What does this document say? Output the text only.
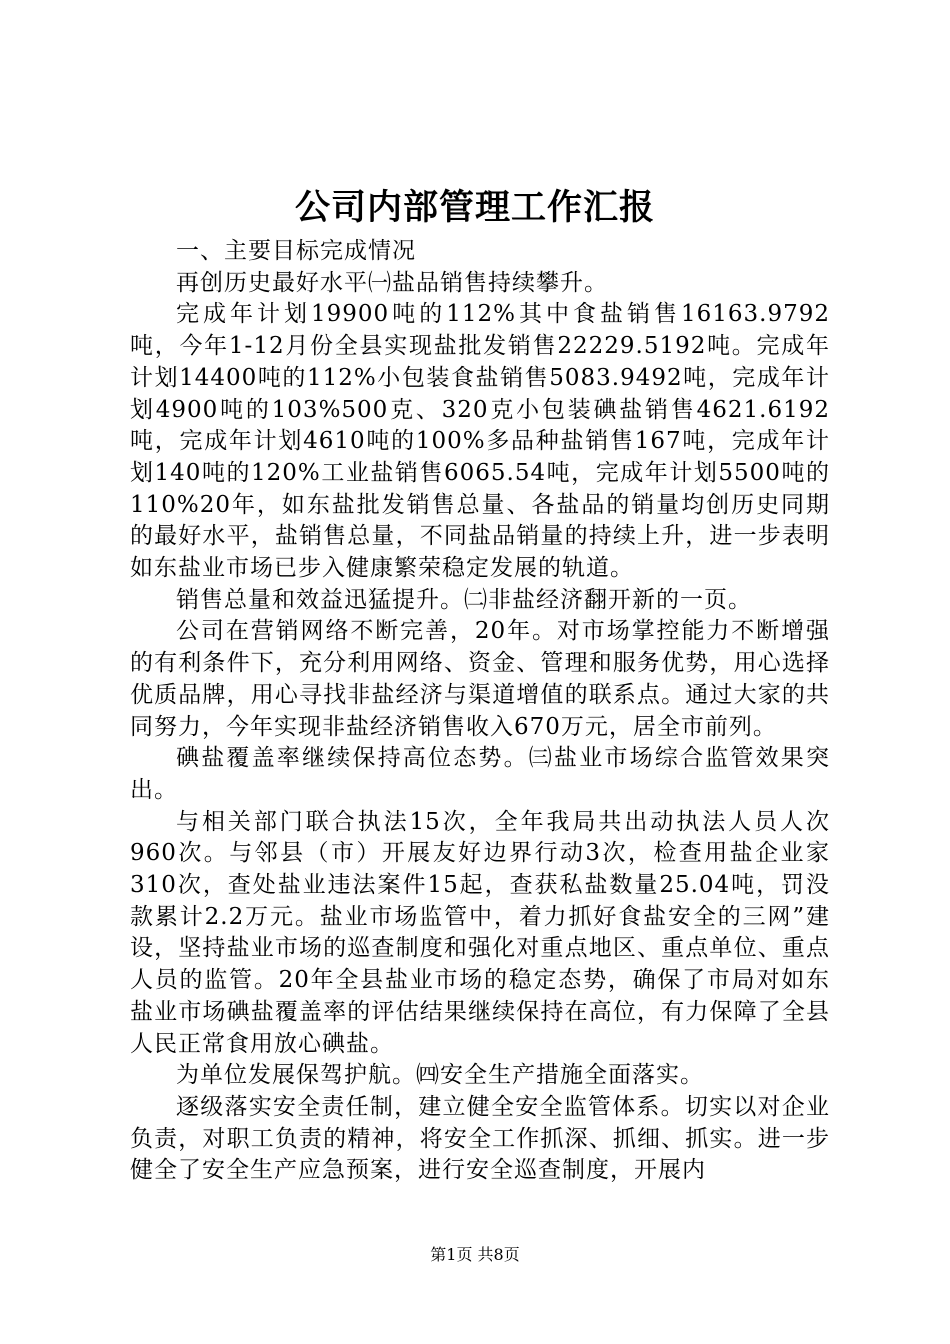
公司内部管理工作汇报

一、主要目标完成情况

再创历史最好水平㈠盐品销售持续攀升。

完成年计划19900吨的112%其中食盐销售16163.9792吨，今年1-12月份全县实现盐批发销售22229.5192吨。完成年计划14400吨的112%小包装食盐销售5083.9492吨，完成年计划4900吨的103%500克、320克小包装碘盐销售4621.6192吨，完成年计划4610吨的100%多品种盐销售167吨，完成年计划140吨的120%工业盐销售6065.54吨，完成年计划5500吨的110%20年，如东盐批发销售总量、各盐品的销量均创历史同期的最好水平，盐销售总量，不同盐品销量的持续上升，进一步表明如东盐业市场已步入健康繁荣稳定发展的轨道。

销售总量和效益迅猛提升。㈡非盐经济翻开新的一页。

公司在营销网络不断完善，20年。对市场掌控能力不断增强的有利条件下，充分利用网络、资金、管理和服务优势，用心选择优质品牌，用心寻找非盐经济与渠道增值的联系点。通过大家的共同努力，今年实现非盐经济销售收入670万元，居全市前列。

碘盐覆盖率继续保持高位态势。㈢盐业市场综合监管效果突出。

与相关部门联合执法15次，全年我局共出动执法人员人次960次。与邻县（市）开展友好边界行动3次，检查用盐企业家310次，查处盐业违法案件15起，查获私盐数量25.04吨，罚没款累计2.2万元。盐业市场监管中，着力抓好食盐安全的三网”建设，坚持盐业市场的巡查制度和强化对重点地区、重点单位、重点人员的监管。20年全县盐业市场的稳定态势，确保了市局对如东盐业市场碘盐覆盖率的评估结果继续保持在高位，有力保障了全县人民正常食用放心碘盐。

为单位发展保驾护航。㈣安全生产措施全面落实。

逐级落实安全责任制，建立健全安全监管体系。切实以对企业负责，对职工负责的精神，将安全工作抓深、抓细、抓实。进一步健全了安全生产应急预案，进行安全巡查制度，开展内

第1页 共8页
